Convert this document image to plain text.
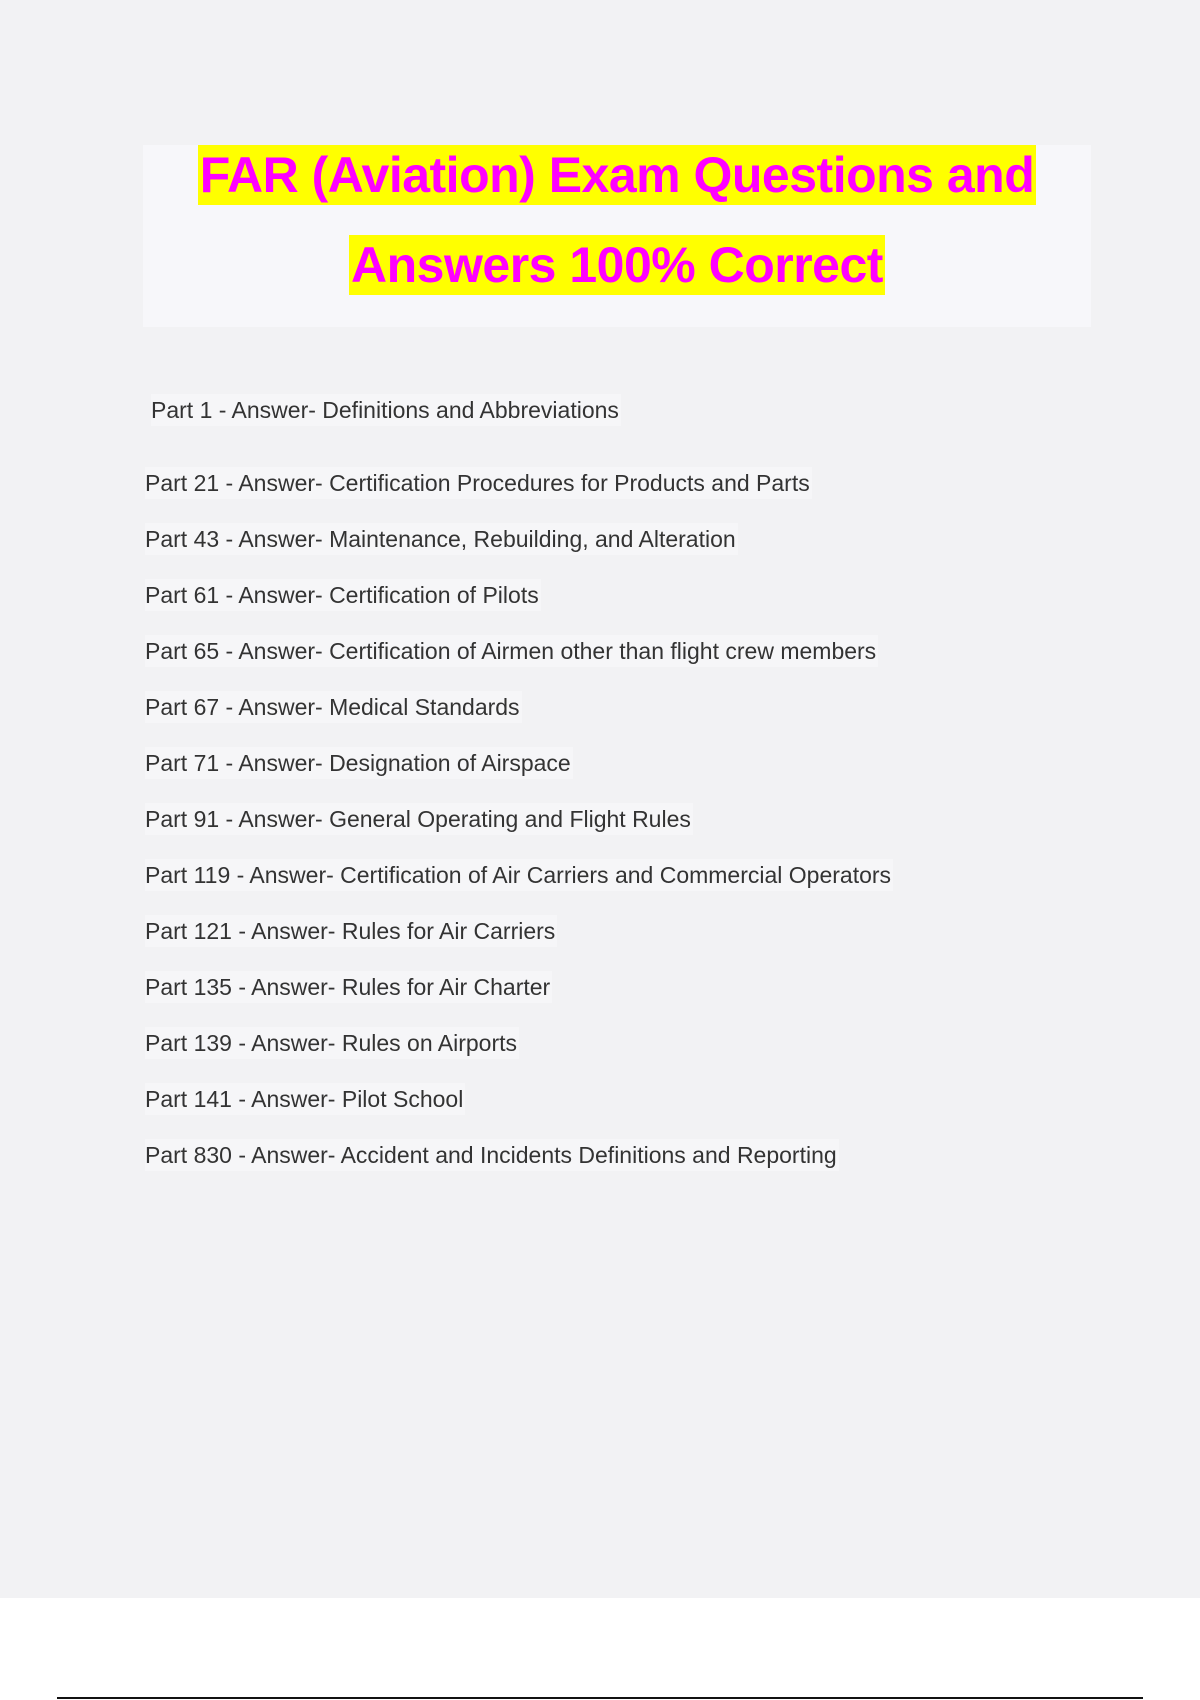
FAR (Aviation) Exam Questions and
Answers 100% Correct
Part 1 - Answer- Definitions and Abbreviations
Part 21 - Answer- Certification Procedures for Products and Parts
Part 43 - Answer- Maintenance, Rebuilding, and Alteration
Part 61 - Answer- Certification of Pilots
Part 65 - Answer- Certification of Airmen other than flight crew members
Part 67 - Answer- Medical Standards
Part 71 - Answer- Designation of Airspace
Part 91 - Answer- General Operating and Flight Rules
Part 119 - Answer- Certification of Air Carriers and Commercial Operators
Part 121 - Answer- Rules for Air Carriers
Part 135 - Answer- Rules for Air Charter
Part 139 - Answer- Rules on Airports
Part 141 - Answer- Pilot School
Part 830 - Answer- Accident and Incidents Definitions and Reporting
